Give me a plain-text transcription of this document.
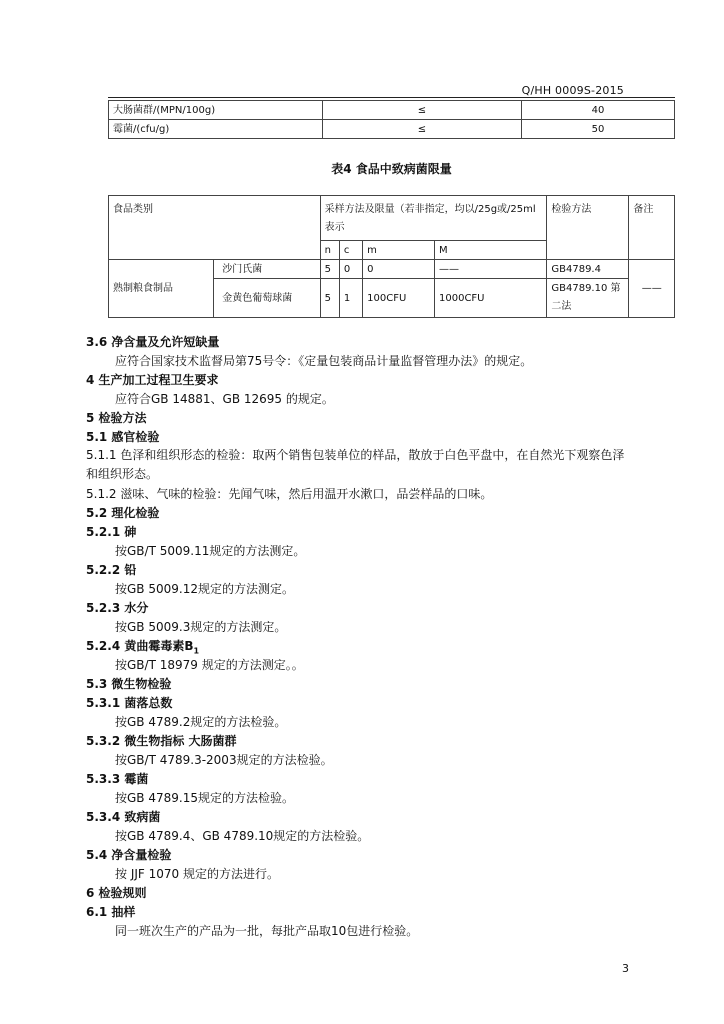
Q/HH 0009S-2015
大肠菌群/(MPN/100g)	≤	40
霉菌/(cfu/g)	≤	50
表4 食品中致病菌限量
食品类别		采样方法及限量（若非指定，均以/25g或/25ml表示				检验方法	备注
		n	c	m	M		
熟制粮食制品	沙门氏菌	5	0	0	——	GB4789.4	——
	金黄色葡萄球菌	5	1	100CFU	1000CFU	GB4789.10 第二法	
3.6 净含量及允许短缺量
应符合国家技术监督局第75号令：《定量包装商品计量监督管理办法》的规定。
4 生产加工过程卫生要求
应符合GB 14881、GB 12695 的规定。
5 检验方法
5.1 感官检验
5.1.1 色泽和组织形态的检验：取两个销售包装单位的样品，散放于白色平盘中，在自然光下观察色泽和组织形态。
5.1.2 滋味、气味的检验：先闻气味，然后用温开水漱口，品尝样品的口味。
5.2 理化检验
5.2.1 砷
按GB/T 5009.11规定的方法测定。
5.2.2 铅
按GB 5009.12规定的方法测定。
5.2.3 水分
按GB 5009.3规定的方法测定。
5.2.4 黄曲霉毒素$B_1$
按GB/T 18979 规定的方法测定。。
5.3 微生物检验
5.3.1 菌落总数
按GB 4789.2规定的方法检验。
5.3.2 微生物指标 大肠菌群
按GB/T 4789.3-2003规定的方法检验。
5.3.3 霉菌
按GB 4789.15规定的方法检验。
5.3.4 致病菌
按GB 4789.4、GB 4789.10规定的方法检验。
5.4 净含量检验
按 JJF 1070 规定的方法进行。
6 检验规则
6.1 抽样
同一班次生产的产品为一批，每批产品取10包进行检验。
3
